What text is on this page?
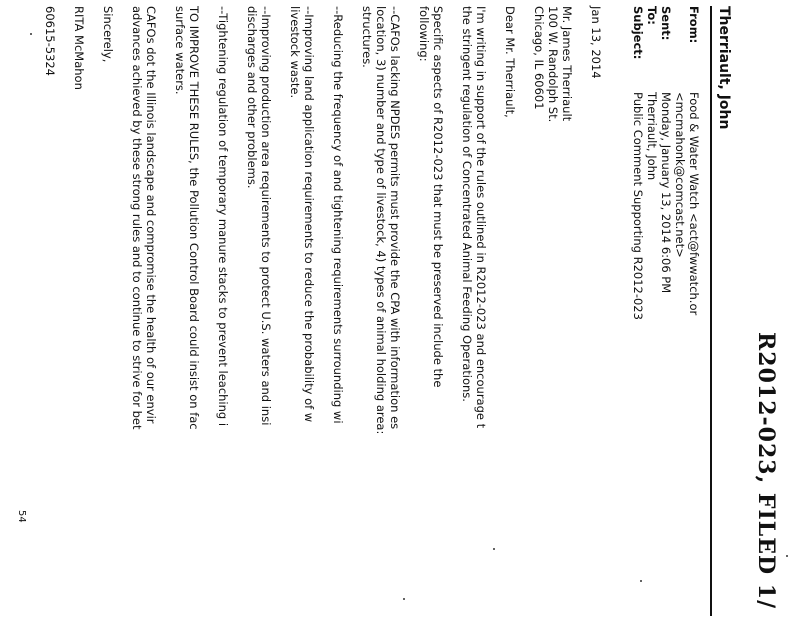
R2012-023, FILED 1/
Therriault, John
From:
Food & Water Watch <act@fwwatch.or
<mcmahonk@comcast.net>
Sent:
Monday, January 13, 2014 6:06 PM
To:
Therriault, John
Subject:
Public Comment Supporting R2012-023
Jan 13, 2014
Mr. James Therriault
100 W. Randolph St.
Chicago, IL 60601
Dear Mr. Therriault,
I'm writing in support of the rules outlined in R2012-023 and encourage t
the stringent regulation of Concentrated Animal Feeding Operations.
Specific aspects of R2012-023 that must be preserved include the
following:
--CAFOs lacking NPDES permits must provide the CPA with information es
location, 3) number and type of livestock, 4) types of animal holding area:
structures.
--Reducing the frequency of and tightening requirements surrounding wi
--Improving land application requirements to reduce the probability of w
livestock waste.
--Improving production area requirements to protect U.S. waters and insi
discharges and other problems.
--Tightening regulation of temporary manure stacks to prevent leaching i
TO IMPROVE THESE RULES, the Pollution Control Board could insist on fac
surface waters.
CAFOs dot the Illinois landscape and compromise the health of our envir
advances achieved by these strong rules and to continue to strive for bet
Sincerely,
RITA McMahon
60615-5324
54
